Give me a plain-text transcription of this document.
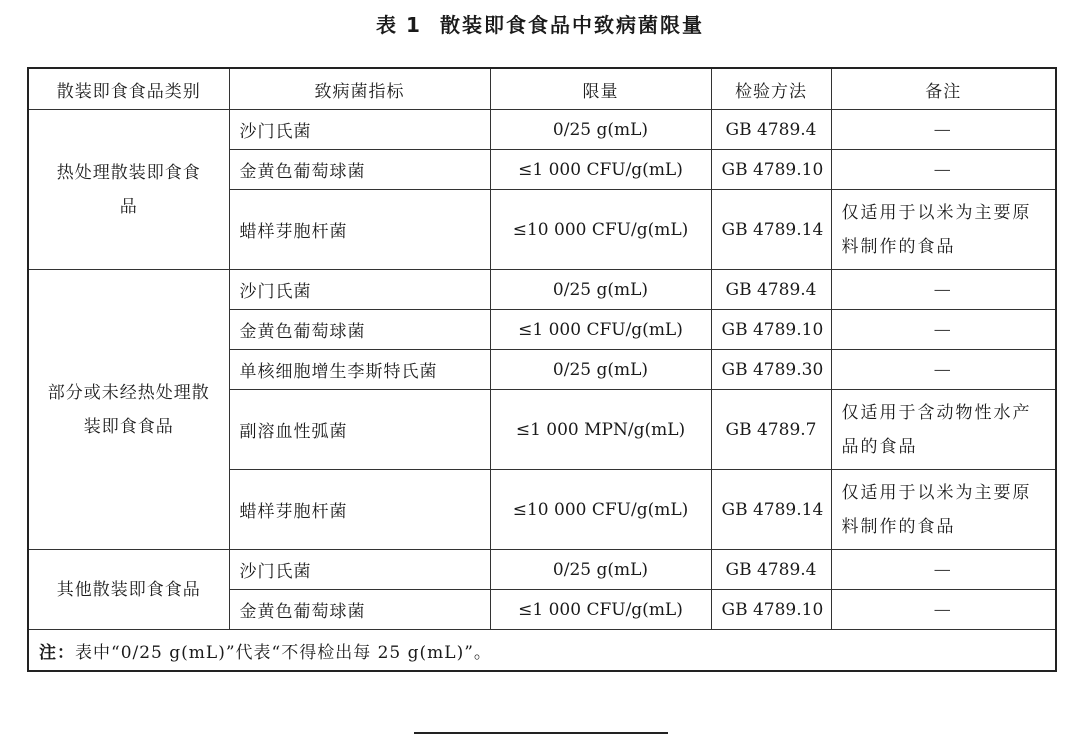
表 1 散装即食食品中致病菌限量
散装即食食品类别	致病菌指标	限量	检验方法	备注

热处理散装即食食品	沙门氏菌	0/25 g(mL)	GB 4789.4	—
	金黄色葡萄球菌	≤1 000 CFU/g(mL)	GB 4789.10	—
	蜡样芽胞杆菌	≤10 000 CFU/g(mL)	GB 4789.14	仅适用于以米为主要原料制作的食品

部分或未经热处理散装即食食品	沙门氏菌	0/25 g(mL)	GB 4789.4	—
	金黄色葡萄球菌	≤1 000 CFU/g(mL)	GB 4789.10	—
	单核细胞增生李斯特氏菌	0/25 g(mL)	GB 4789.30	—
	副溶血性弧菌	≤1 000 MPN/g(mL)	GB 4789.7	仅适用于含动物性水产品的食品
	蜡样芽胞杆菌	≤10 000 CFU/g(mL)	GB 4789.14	仅适用于以米为主要原料制作的食品
其他散装即食食品	沙门氏菌	0/25 g(mL)	GB 4789.4	—
	金黄色葡萄球菌	≤1 000 CFU/g(mL)	GB 4789.10	—
注：表中“0/25 g(mL)”代表“不得检出每 25 g(mL)”。				
